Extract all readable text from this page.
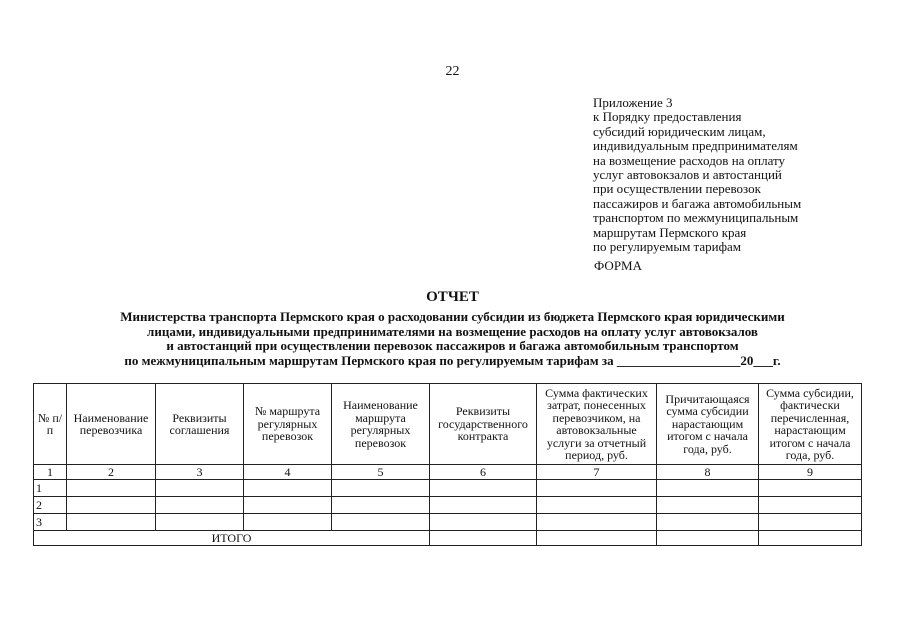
22
Приложение 3
к Порядку предоставления
субсидий юридическим лицам,
индивидуальным предпринимателям
на возмещение расходов на оплату
услуг автовокзалов и автостанций
при осуществлении перевозок
пассажиров и багажа автомобильным
транспортом по межмуниципальным
маршрутам Пермского края
по регулируемым тарифам
ФОРМА
ОТЧЕТ
Министерства транспорта Пермского края о расходовании субсидии из бюджета Пермского края юридическими
лицами, индивидуальными предпринимателями на возмещение расходов на оплату услуг автовокзалов
и автостанций при осуществлении перевозок пассажиров и багажа автомобильным транспортом
по межмуниципальным маршрутам Пермского края по регулируемым тарифам за ___________________20___г.
№ п/п	Наименование перевозчика	Реквизиты соглашения	№ маршрута регулярных перевозок	Наименование маршрута регулярных перевозок	Реквизиты государственного контракта	Сумма фактических затрат, понесенных перевозчиком, на автовокзальные услуги за отчетный период, руб.	Причитающаяся сумма субсидии нарастающим итогом с начала года, руб.	Сумма субсидии, фактически перечисленная, нарастающим итогом с начала года, руб.
1	2	3	4	5	6	7	8	9
1								
2								
3								
ИТОГО								
